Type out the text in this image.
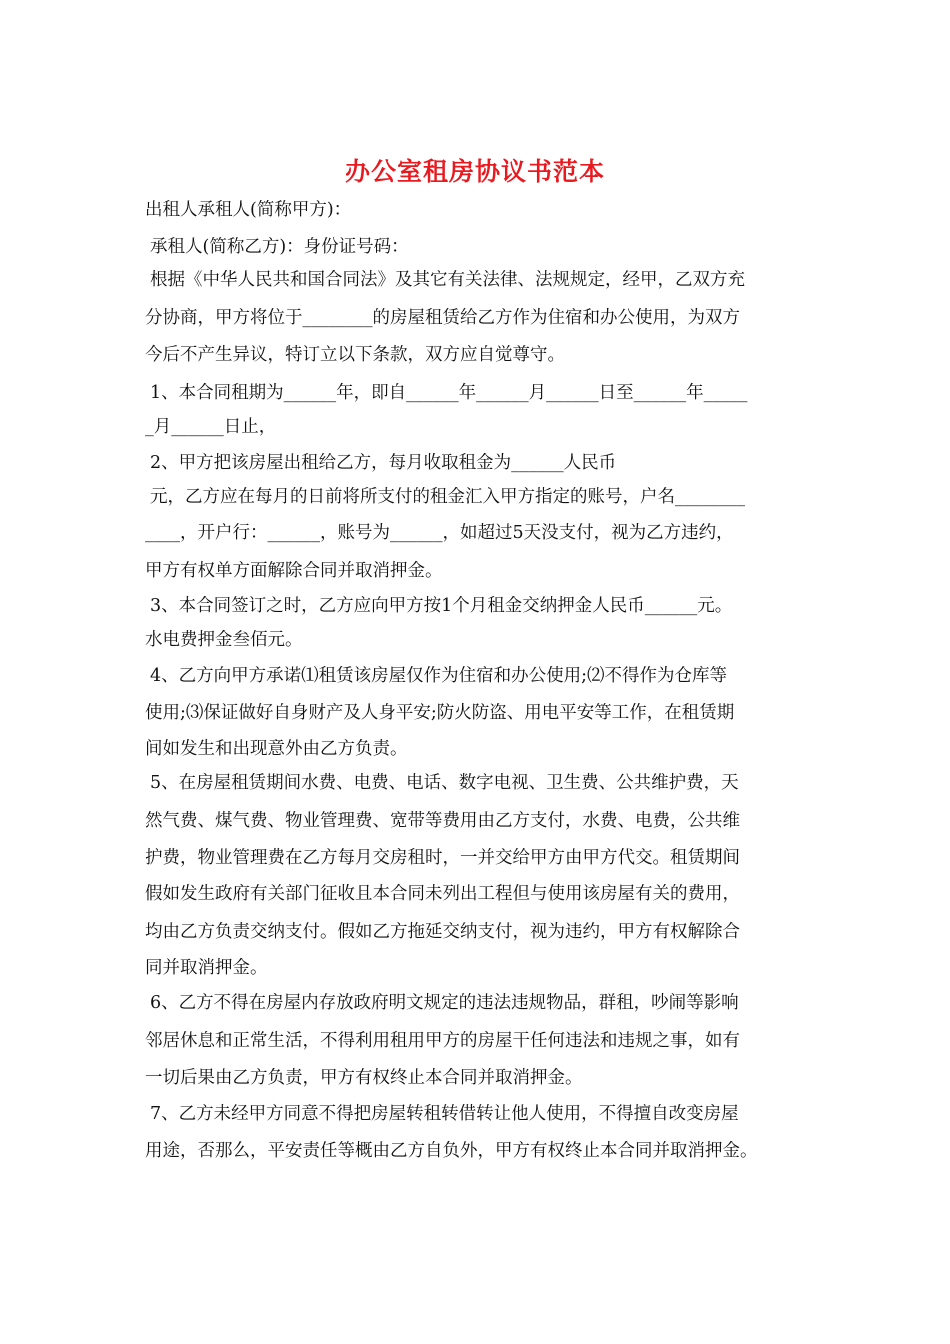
办公室租房协议书范本
出租人承租人(简称甲方)：
承租人(简称乙方)：身份证号码：
根据《中华人民共和国合同法》及其它有关法律、法规规定，经甲，乙双方充
分协商，甲方将位于________的房屋租赁给乙方作为住宿和办公使用，为双方
今后不产生异议，特订立以下条款，双方应自觉尊守。
1、本合同租期为______年，即自______年______月______日至______年_____
_月______日止，
2、甲方把该房屋出租给乙方，每月收取租金为______人民币
元，乙方应在每月的日前将所支付的租金汇入甲方指定的账号，户名________
____，开户行：______，账号为______，如超过5天没支付，视为乙方违约，
甲方有权单方面解除合同并取消押金。
3、本合同签订之时，乙方应向甲方按1个月租金交纳押金人民币______元。
水电费押金叁佰元。
4、乙方向甲方承诺⑴租赁该房屋仅作为住宿和办公使用;⑵不得作为仓库等
使用;⑶保证做好自身财产及人身平安;防火防盗、用电平安等工作，在租赁期
间如发生和出现意外由乙方负责。
5、在房屋租赁期间水费、电费、电话、数字电视、卫生费、公共维护费，天
然气费、煤气费、物业管理费、宽带等费用由乙方支付，水费、电费，公共维
护费，物业管理费在乙方每月交房租时，一并交给甲方由甲方代交。租赁期间
假如发生政府有关部门征收且本合同未列出工程但与使用该房屋有关的费用，
均由乙方负责交纳支付。假如乙方拖延交纳支付，视为违约，甲方有权解除合
同并取消押金。
6、乙方不得在房屋内存放政府明文规定的违法违规物品，群租，吵闹等影响
邻居休息和正常生活，不得利用租用甲方的房屋干任何违法和违规之事，如有
一切后果由乙方负责，甲方有权终止本合同并取消押金。
7、乙方未经甲方同意不得把房屋转租转借转让他人使用，不得擅自改变房屋
用途，否那么，平安责任等概由乙方自负外，甲方有权终止本合同并取消押金。
